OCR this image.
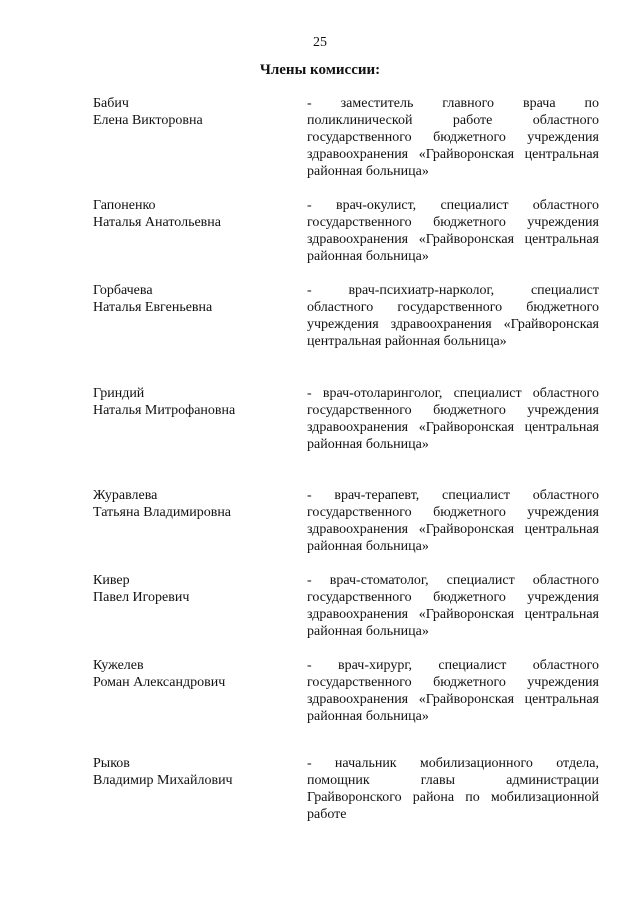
25
Члены комиссии:
Бабич
Елена Викторовна
- заместитель главного врача по поликлинической работе областного государственного бюджетного учреждения здравоохранения «Грайворонская центральная районная больница»
Гапоненко
Наталья Анатольевна
- врач-окулист, специалист областного государственного бюджетного учреждения здравоохранения «Грайворонская центральная районная больница»
Горбачева
Наталья Евгеньевна
- врач-психиатр-нарколог, специалист областного государственного бюджетного учреждения здравоохранения «Грайворонская центральная районная больница»
Гриндий
Наталья Митрофановна
- врач-отоларинголог, специалист областного государственного бюджетного учреждения здравоохранения «Грайворонская центральная районная больница»
Журавлева
Татьяна Владимировна
- врач-терапевт, специалист областного государственного бюджетного учреждения здравоохранения «Грайворонская центральная районная больница»
Кивер
Павел Игоревич
- врач-стоматолог, специалист областного государственного бюджетного учреждения здравоохранения «Грайворонская центральная районная больница»
Кужелев
Роман Александрович
- врач-хирург, специалист областного государственного бюджетного учреждения здравоохранения «Грайворонская центральная районная больница»
Рыков
Владимир Михайлович
- начальник мобилизационного отдела, помощник главы администрации Грайворонского района по мобилизационной работе
